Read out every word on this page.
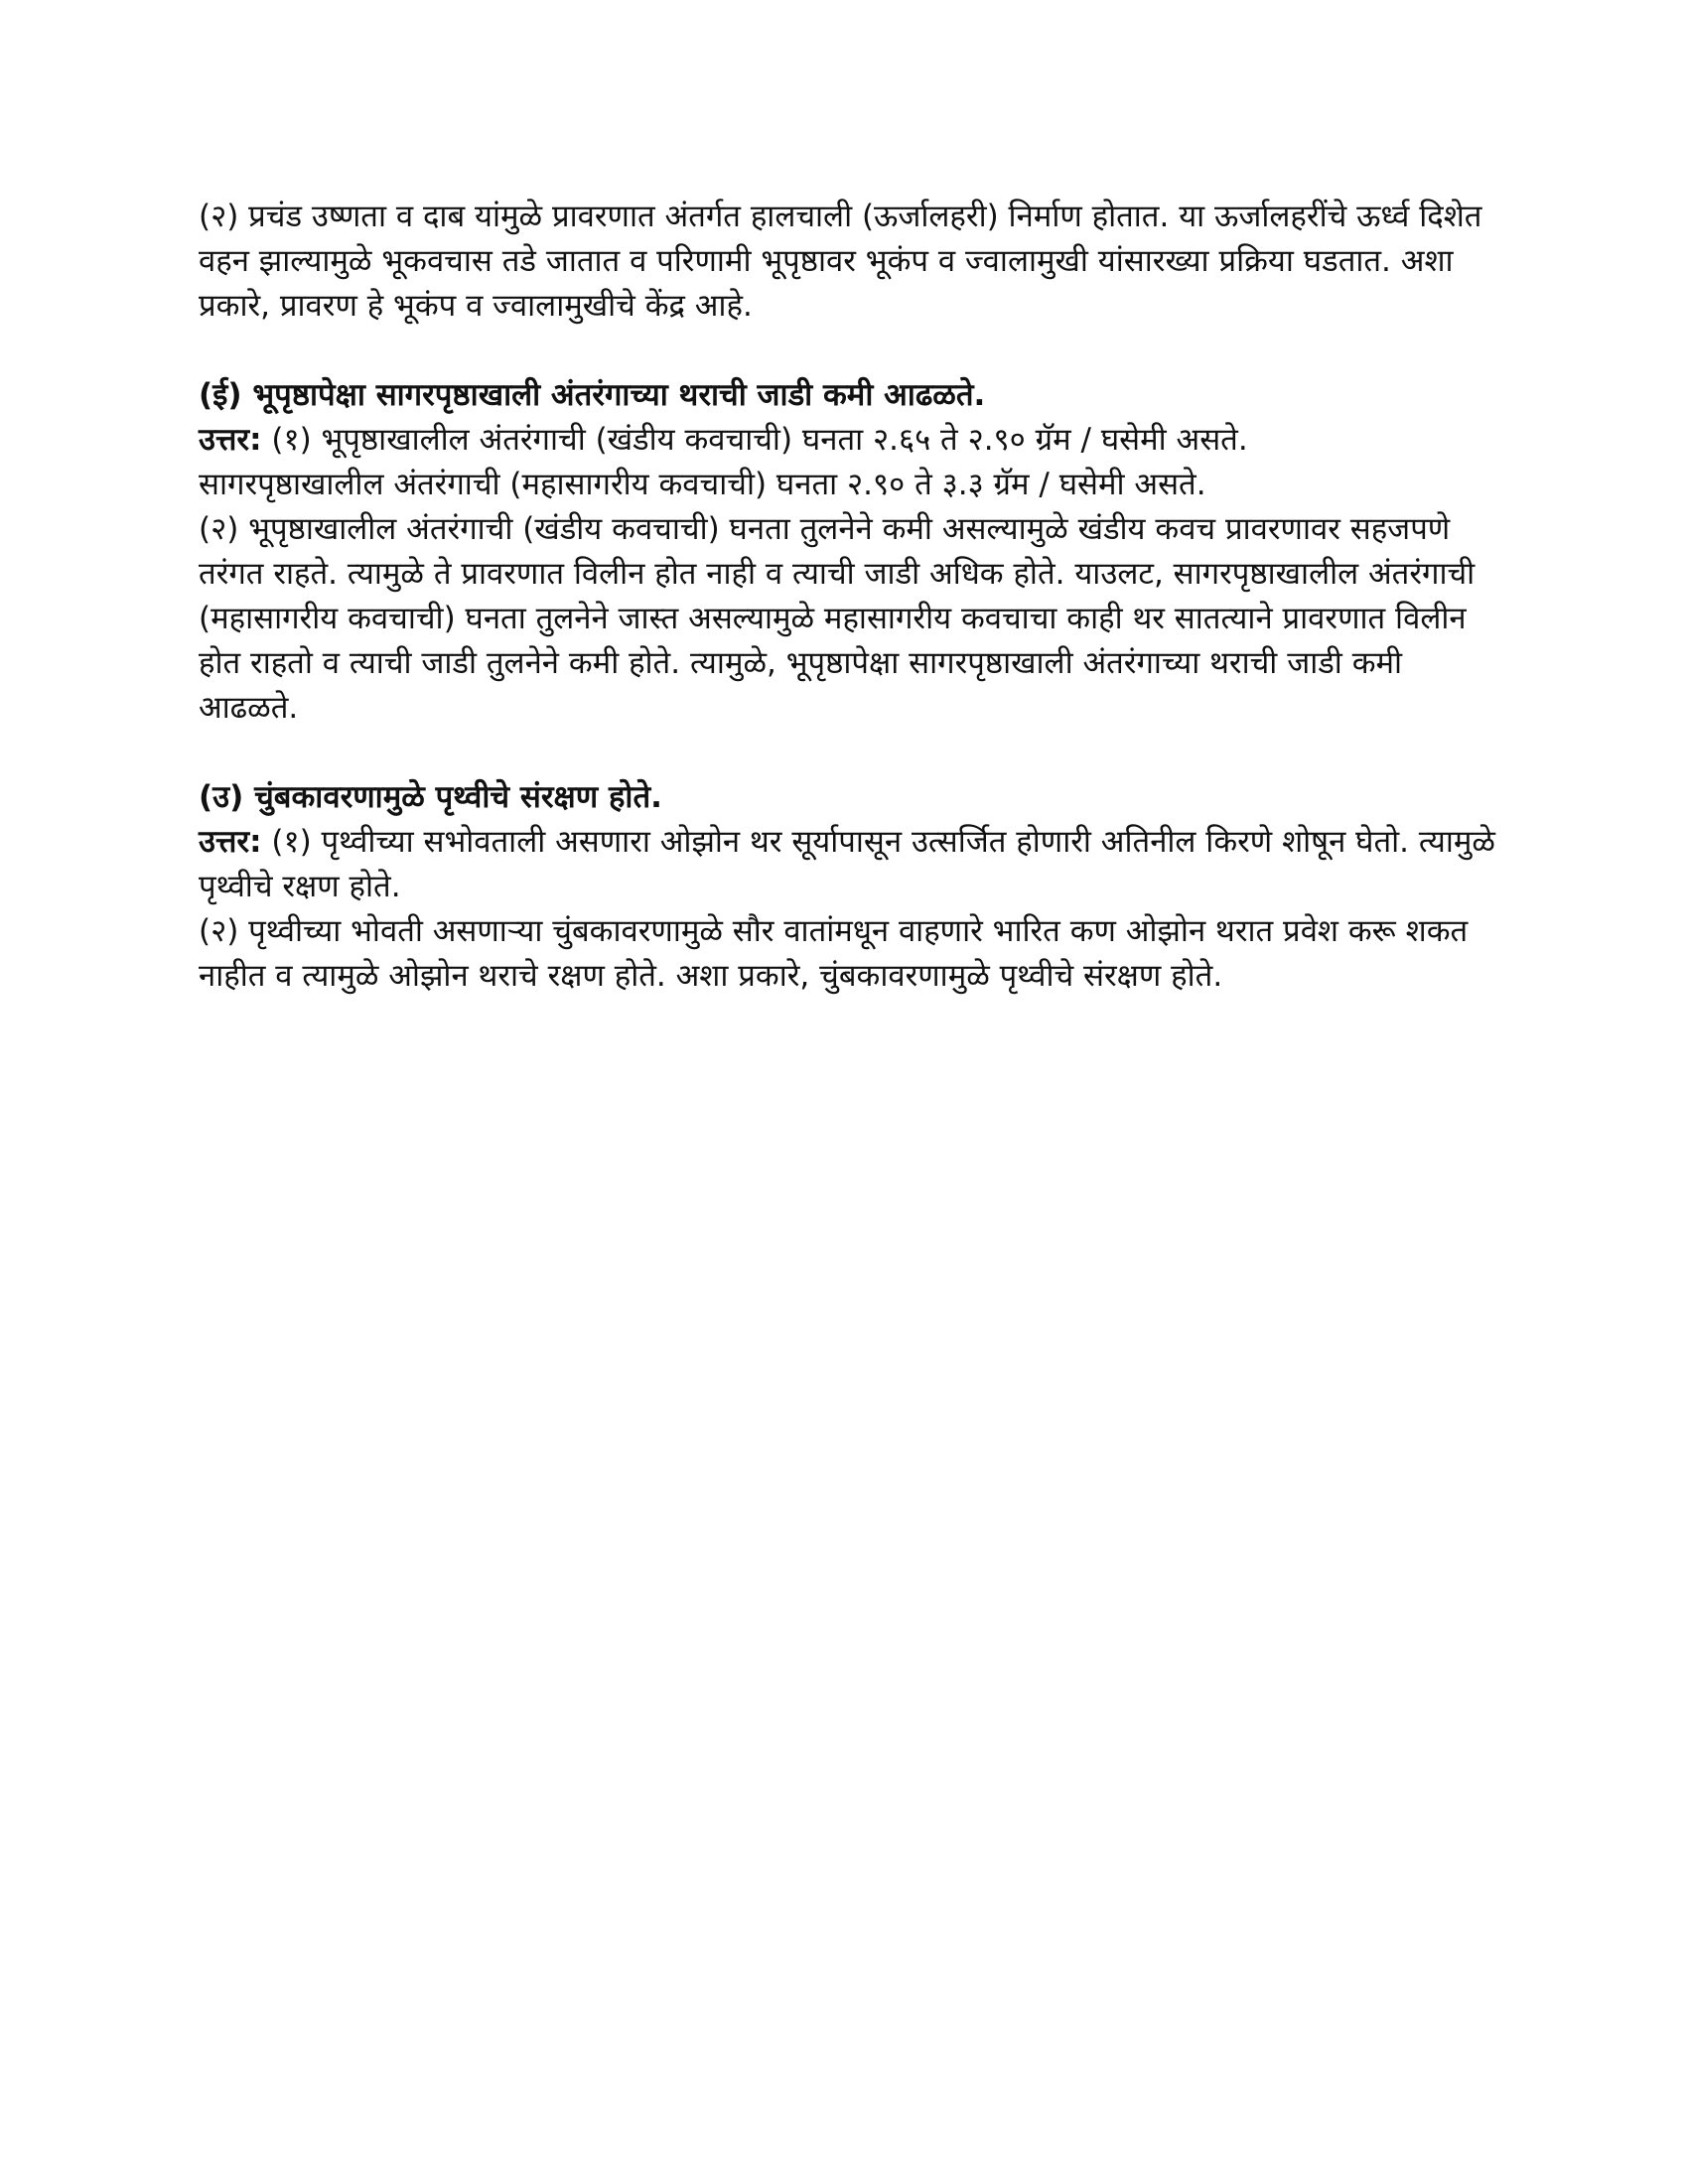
(२) प्रचंड उष्णता व दाब यांमुळे प्रावरणात अंतर्गत हालचाली (ऊर्जालहरी) निर्माण होतात. या ऊर्जालहरींचे ऊर्ध्व दिशेत वहन झाल्यामुळे भूकवचास तडे जातात व परिणामी भूपृष्ठावर भूकंप व ज्वालामुखी यांसारख्या प्रक्रिया घडतात. अशा प्रकारे, प्रावरण हे भूकंप व ज्वालामुखीचे केंद्र आहे.

(ई) भूपृष्ठापेक्षा सागरपृष्ठाखाली अंतरंगाच्या थराची जाडी कमी आढळते.

उत्तर: (१) भूपृष्ठाखालील अंतरंगाची (खंडीय कवचाची) घनता २.६५ ते २.९० ग्रॅम / घसेमी असते.

सागरपृष्ठाखालील अंतरंगाची (महासागरीय कवचाची) घनता २.९० ते ३.३ ग्रॅम / घसेमी असते.

(२) भूपृष्ठाखालील अंतरंगाची (खंडीय कवचाची) घनता तुलनेने कमी असल्यामुळे खंडीय कवच प्रावरणावर सहजपणे तरंगत राहते. त्यामुळे ते प्रावरणात विलीन होत नाही व त्याची जाडी अधिक होते. याउलट, सागरपृष्ठाखालील अंतरंगाची (महासागरीय कवचाची) घनता तुलनेने जास्त असल्यामुळे महासागरीय कवचाचा काही थर सातत्याने प्रावरणात विलीन होत राहतो व त्याची जाडी तुलनेने कमी होते. त्यामुळे, भूपृष्ठापेक्षा सागरपृष्ठाखाली अंतरंगाच्या थराची जाडी कमी आढळते.

(उ) चुंबकावरणामुळे पृथ्वीचे संरक्षण होते.

उत्तर: (१) पृथ्वीच्या सभोवताली असणारा ओझोन थर सूर्यापासून उत्सर्जित होणारी अतिनील किरणे शोषून घेतो. त्यामुळे पृथ्वीचे रक्षण होते.

(२) पृथ्वीच्या भोवती असणाऱ्या चुंबकावरणामुळे सौर वातांमधून वाहणारे भारित कण ओझोन थरात प्रवेश करू शकत नाहीत व त्यामुळे ओझोन थराचे रक्षण होते. अशा प्रकारे, चुंबकावरणामुळे पृथ्वीचे संरक्षण होते.
